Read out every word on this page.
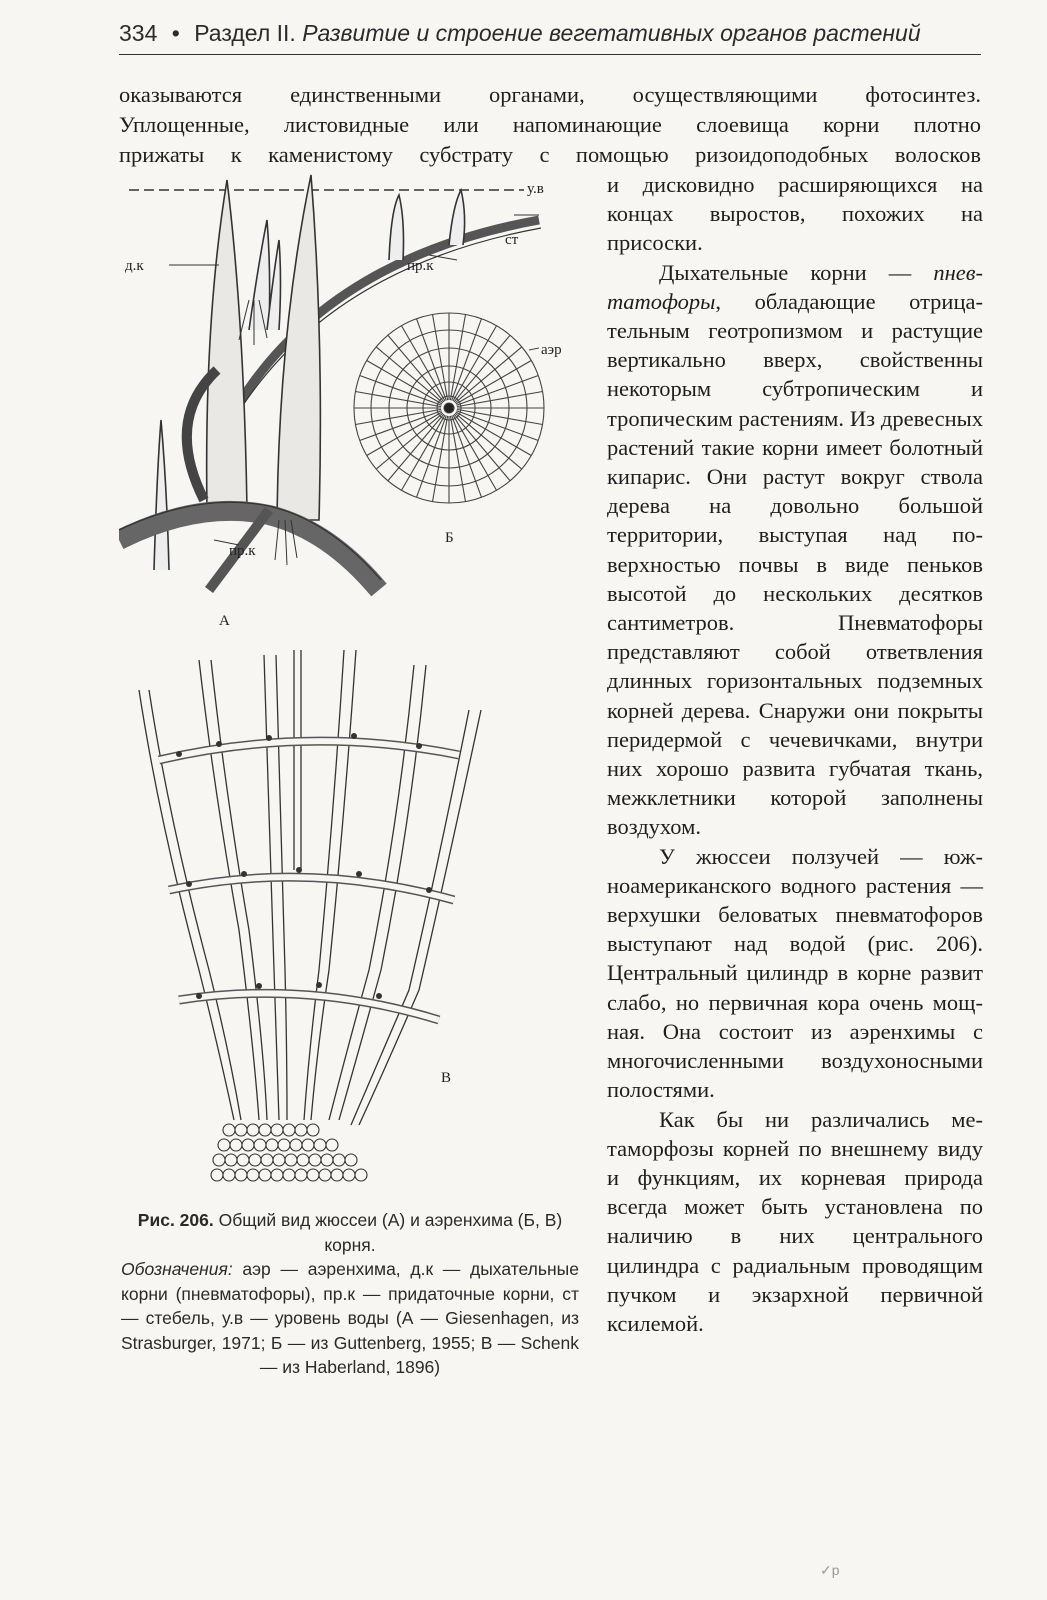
334 • Раздел II. Развитие и строение вегетативных органов растений
оказываются единственными органами, осуществляющими фотосинтез.
Уплощенные, листовидные или напоминающие слоевища корни плотно
прижаты к каменистому субстрату с помощью ризоидоподобных волосков

и дисковидно расширяющихся на концах выростов, похожих на присоски.

Дыхательные корни — пневmатофоры, обладающие отрицательным геотропизмом и растущие вертикально вверх, свойственны некоторым субтропическим и тропическим растениям. Из древесных растений такие корни имеет болотный кипарис. Они растут вокруг ствола дерева на довольно большой территории, выступая над поверхностью почвы в виде пеньков высотой до нескольких десятков сантиметров. Пневматофоры представляют собой ответвления длинных горизонтальных подземных корней дерева. Снаружи они покрыты перидермой с чечевичками, внутри них хорошо развита губчатая ткань, межклетники которой заполнены воздухом.

У жюссеи ползучей — южноамериканского водного растения — верхушки беловатых пневматофоров выступают над водой (рис. 206). Центральный цилиндр в корне развит слабо, но первичная кора очень мощная. Она состоит из аэренхимы с многочисленными воздухоносными полостями.

Как бы ни различались метаморфозы корней по внешнему виду и функциям, их корневая природа всегда может быть установлена по наличию в них центрального цилиндра с радиальным проводящим пучком и экзархной первичной ксилемой.

у.в
ст
д.к	пр.к
пр.к
аэр
А
Б
В
Рис. 206. Общий вид жюссеи (А) и аэренхима (Б, В) корня.
Обозначения: аэр — аэренхима, д.к — дыхательные корни (пневматофоры), пр.к — придаточные корни, ст — стебель, у.в — уровень воды (А — Giesenhagen, из Strasburger, 1971; Б — из Guttenberg, 1955; В — Schenk — из Haberland, 1896)
✓р
